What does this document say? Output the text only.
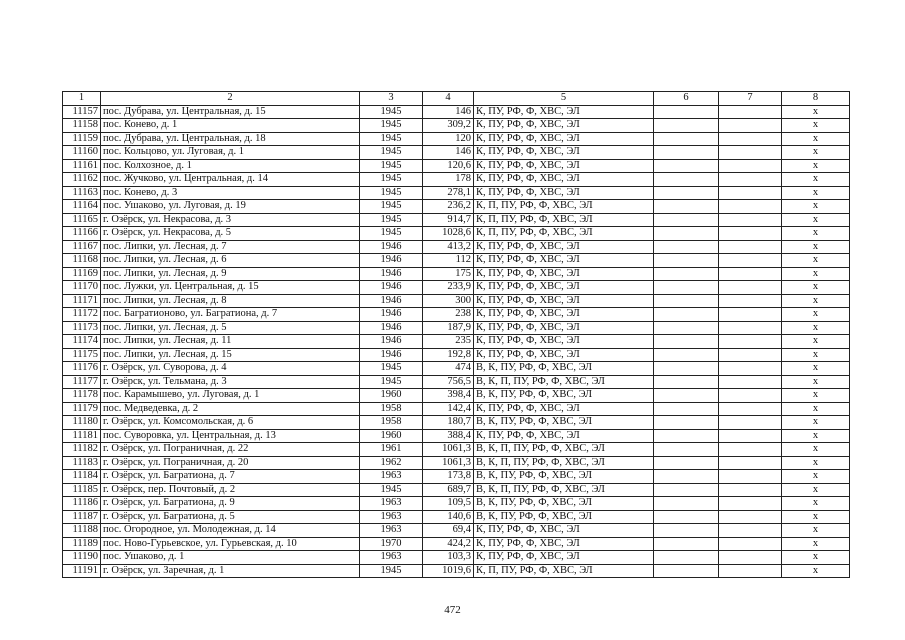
1	2	3	4	5	6	7	8
11157	пос. Дубрава, ул. Центральная, д. 15	1945	146	К, ПУ, РФ, Ф, ХВС, ЭЛ			х
11158	пос. Конево, д. 1	1945	309,2	К, ПУ, РФ, Ф, ХВС, ЭЛ			х
11159	пос. Дубрава, ул. Центральная, д. 18	1945	120	К, ПУ, РФ, Ф, ХВС, ЭЛ			х
11160	пос. Кольцово, ул. Луговая, д. 1	1945	146	К, ПУ, РФ, Ф, ХВС, ЭЛ			х
11161	пос. Колхозное, д. 1	1945	120,6	К, ПУ, РФ, Ф, ХВС, ЭЛ			х
11162	пос. Жучково, ул. Центральная, д. 14	1945	178	К, ПУ, РФ, Ф, ХВС, ЭЛ			х
11163	пос. Конево, д. 3	1945	278,1	К, ПУ, РФ, Ф, ХВС, ЭЛ			х
11164	пос. Ушаково, ул. Луговая, д. 19	1945	236,2	К, П, ПУ, РФ, Ф, ХВС, ЭЛ			х
11165	г. Озёрск, ул. Некрасова, д. 3	1945	914,7	К, П, ПУ, РФ, Ф, ХВС, ЭЛ			х
11166	г. Озёрск, ул. Некрасова, д. 5	1945	1028,6	К, П, ПУ, РФ, Ф, ХВС, ЭЛ			х
11167	пос. Липки, ул. Лесная, д. 7	1946	413,2	К, ПУ, РФ, Ф, ХВС, ЭЛ			х
11168	пос. Липки, ул. Лесная, д. 6	1946	112	К, ПУ, РФ, Ф, ХВС, ЭЛ			х
11169	пос. Липки, ул. Лесная, д. 9	1946	175	К, ПУ, РФ, Ф, ХВС, ЭЛ			х
11170	пос. Лужки, ул. Центральная, д. 15	1946	233,9	К, ПУ, РФ, Ф, ХВС, ЭЛ			х
11171	пос. Липки, ул. Лесная, д. 8	1946	300	К, ПУ, РФ, Ф, ХВС, ЭЛ			х
11172	пос. Багратионово, ул. Багратиона, д. 7	1946	238	К, ПУ, РФ, Ф, ХВС, ЭЛ			х
11173	пос. Липки, ул. Лесная, д. 5	1946	187,9	К, ПУ, РФ, Ф, ХВС, ЭЛ			х
11174	пос. Липки, ул. Лесная, д. 11	1946	235	К, ПУ, РФ, Ф, ХВС, ЭЛ			х
11175	пос. Липки, ул. Лесная, д. 15	1946	192,8	К, ПУ, РФ, Ф, ХВС, ЭЛ			х
11176	г. Озёрск, ул. Суворова, д. 4	1945	474	В, К, ПУ, РФ, Ф, ХВС, ЭЛ			х
11177	г. Озёрск, ул. Тельмана, д. 3	1945	756,5	В, К, П, ПУ, РФ, Ф, ХВС, ЭЛ			х
11178	пос. Карамышево, ул. Луговая, д. 1	1960	398,4	В, К, ПУ, РФ, Ф, ХВС, ЭЛ			х
11179	пос. Медведевка, д. 2	1958	142,4	К, ПУ, РФ, Ф, ХВС, ЭЛ			х
11180	г. Озёрск, ул. Комсомольская, д. 6	1958	180,7	В, К, ПУ, РФ, Ф, ХВС, ЭЛ			х
11181	пос. Суворовка, ул. Центральная, д. 13	1960	388,4	К, ПУ, РФ, Ф, ХВС, ЭЛ			х
11182	г. Озёрск, ул. Пограничная, д. 22	1961	1061,3	В, К, П, ПУ, РФ, Ф, ХВС, ЭЛ			х
11183	г. Озёрск, ул. Пограничная, д. 20	1962	1061,3	В, К, П, ПУ, РФ, Ф, ХВС, ЭЛ			х
11184	г. Озёрск, ул. Багратиона, д. 7	1963	173,8	В, К, ПУ, РФ, Ф, ХВС, ЭЛ			х
11185	г. Озёрск, пер. Почтовый, д. 2	1945	689,7	В, К, П, ПУ, РФ, Ф, ХВС, ЭЛ			х
11186	г. Озёрск, ул. Багратиона, д. 9	1963	109,5	В, К, ПУ, РФ, Ф, ХВС, ЭЛ			х
11187	г. Озёрск, ул. Багратиона, д. 5	1963	140,6	В, К, ПУ, РФ, Ф, ХВС, ЭЛ			х
11188	пос. Огородное, ул. Молодежная, д. 14	1963	69,4	К, ПУ, РФ, Ф, ХВС, ЭЛ			х
11189	пос. Ново-Гурьевское, ул. Гурьевская, д. 10	1970	424,2	К, ПУ, РФ, Ф, ХВС, ЭЛ			х
11190	пос. Ушаково, д. 1	1963	103,3	К, ПУ, РФ, Ф, ХВС, ЭЛ			х
11191	г. Озёрск, ул. Заречная, д. 1	1945	1019,6	К, П, ПУ, РФ, Ф, ХВС, ЭЛ			х
472
